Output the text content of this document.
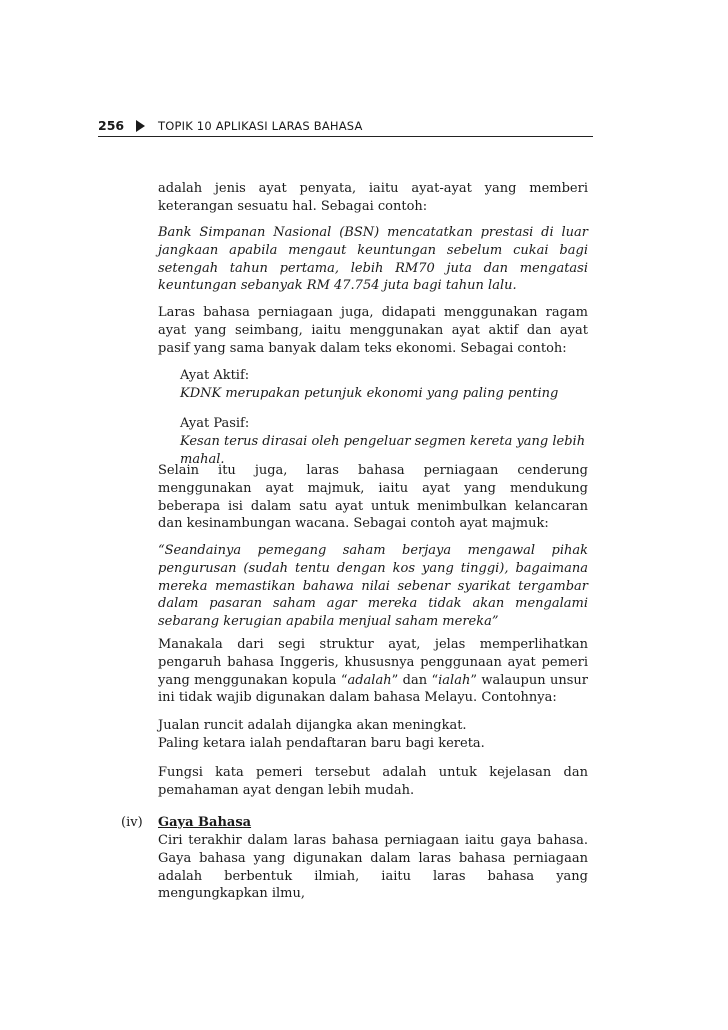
256	TOPIK 10 APLIKASI LARAS BAHASA

adalah jenis ayat penyata, iaitu ayat-ayat yang memberi keterangan sesuatu hal. Sebagai contoh:

Bank Simpanan Nasional (BSN) mencatatkan prestasi di luar jangkaan apabila mengaut keuntungan sebelum cukai bagi setengah tahun pertama, lebih RM70 juta dan mengatasi keuntungan sebanyak RM 47.754 juta bagi tahun lalu.

Laras bahasa perniagaan juga, didapati menggunakan ragam ayat yang seimbang, iaitu menggunakan ayat aktif dan ayat pasif yang sama banyak dalam teks ekonomi. Sebagai contoh:

Ayat Aktif:

KDNK merupakan petunjuk ekonomi yang paling penting

Ayat Pasif:

Kesan terus dirasai oleh pengeluar segmen kereta yang lebih mahal.

Selain itu juga, laras bahasa perniagaan cenderung menggunakan ayat majmuk, iaitu ayat yang mendukung beberapa isi dalam satu ayat untuk menimbulkan kelancaran dan kesinambungan wacana. Sebagai contoh ayat majmuk:

“Seandainya pemegang saham berjaya mengawal pihak pengurusan (sudah tentu dengan kos yang tinggi), bagaimana mereka memastikan bahawa nilai sebenar syarikat tergambar dalam pasaran saham agar mereka tidak akan mengalami sebarang kerugian apabila menjual saham mereka”

Manakala dari segi struktur ayat, jelas memperlihatkan pengaruh bahasa Inggeris, khususnya penggunaan ayat pemeri yang menggunakan kopula “adalah” dan “ialah” walaupun unsur ini tidak wajib digunakan dalam bahasa Melayu. Contohnya:

Jualan runcit adalah dijangka akan meningkat.

Paling ketara ialah pendaftaran baru bagi kereta.

Fungsi kata pemeri tersebut adalah untuk kejelasan dan pemahaman ayat dengan lebih mudah.

(iv) Gaya Bahasa

Ciri terakhir dalam laras bahasa perniagaan iaitu gaya bahasa. Gaya bahasa yang digunakan dalam laras bahasa perniagaan adalah berbentuk ilmiah, iaitu laras bahasa yang mengungkapkan ilmu,
